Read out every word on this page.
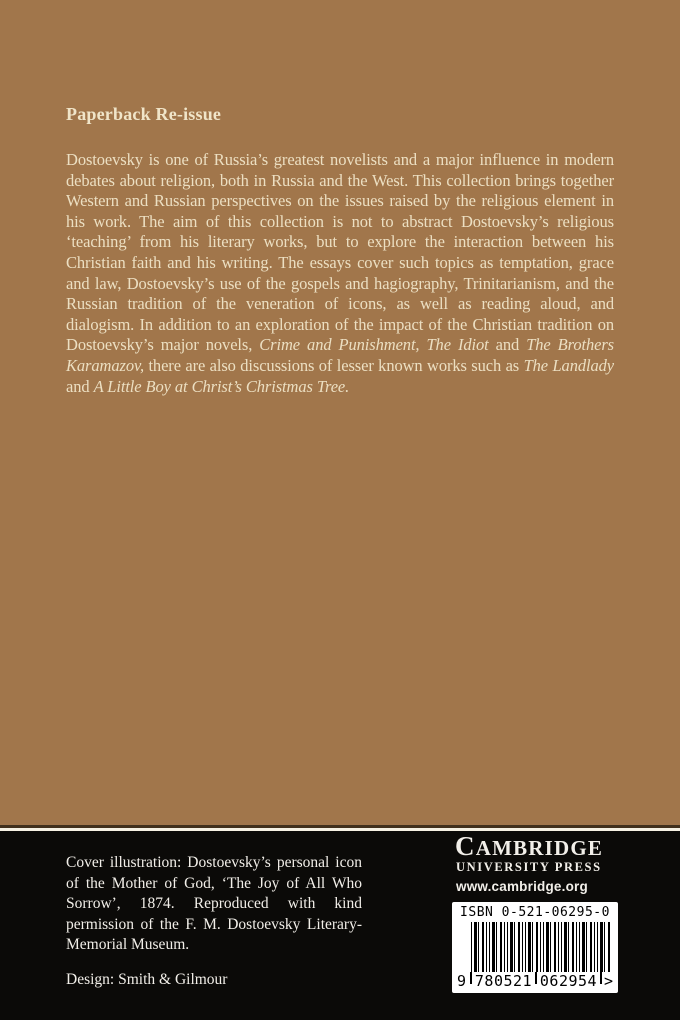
Paperback Re-issue

Dostoevsky is one of Russia’s greatest novelists and a major influence in modern debates about religion, both in Russia and the West. This collection brings together Western and Russian perspectives on the issues raised by the religious element in his work. The aim of this collection is not to abstract Dostoevsky’s religious ‘teaching’ from his literary works, but to explore the interaction between his Christian faith and his writing. The essays cover such topics as temptation, grace and law, Dostoevsky’s use of the gospels and hagiography, Trinitarianism, and the Russian tradition of the veneration of icons, as well as reading aloud, and dialogism. In addition to an exploration of the impact of the Christian tradition on Dostoevsky’s major novels, Crime and Punishment, The Idiot and The Brothers Karamazov, there are also discussions of lesser known works such as The Landlady and A Little Boy at Christ’s Christmas Tree.

Cover illustration: Dostoevsky’s personal icon of the Mother of God, ‘The Joy of All Who Sorrow’, 1874. Reproduced with kind permission of the F. M. Dostoevsky Literary-Memorial Museum.

Design: Smith & Gilmour

CAMBRIDGE
UNIVERSITY PRESS
www.cambridge.org
ISBN 0-521-06295-0
9 780521 062954 >
